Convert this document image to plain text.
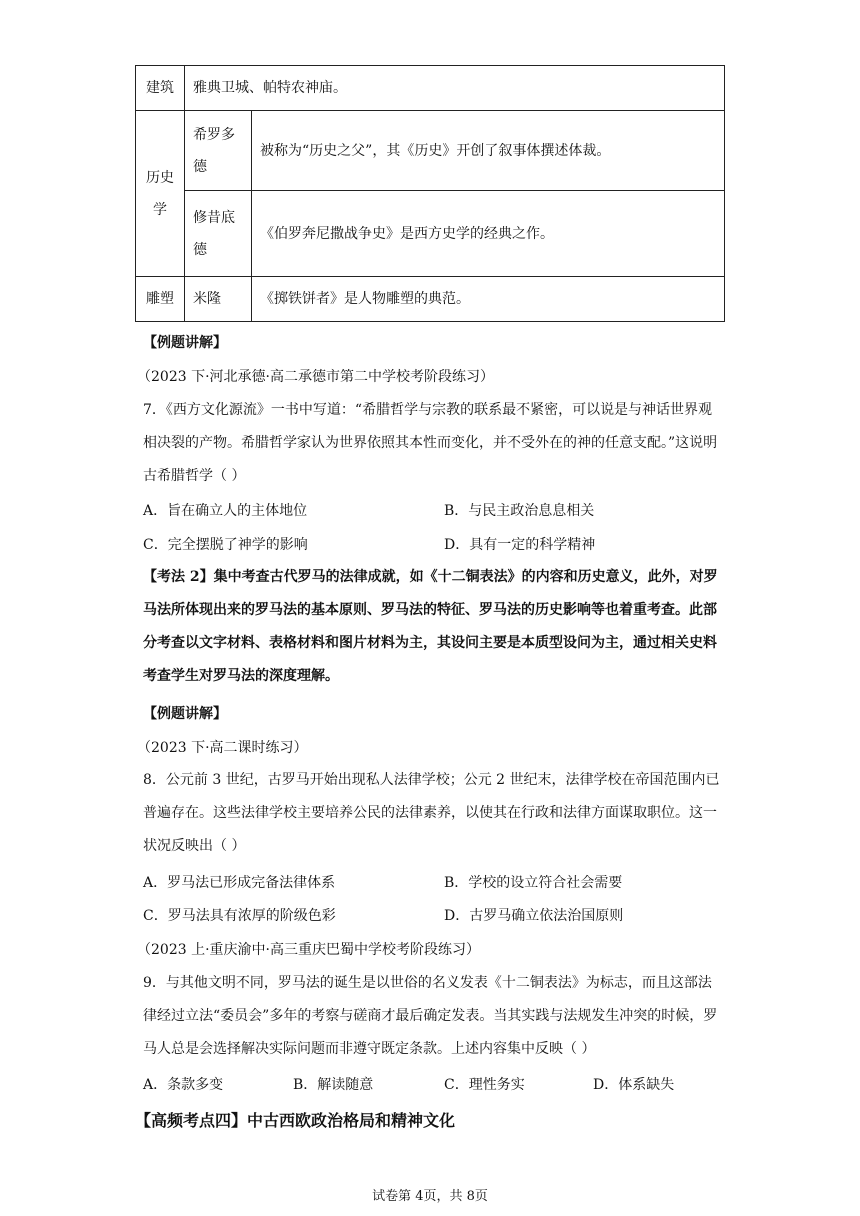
建筑	雅典卫城、帕特农神庙。	

历史学	希罗多德	被称为“历史之父”，其《历史》开创了叙事体撰述体裁。

	修昔底德	《伯罗奔尼撒战争史》是西方史学的经典之作。
雕塑	米隆	《掷铁饼者》是人物雕塑的典范。
【例题讲解】
（2023 下·河北承德·高二承德市第二中学校考阶段练习）
7．《西方文化源流》一书中写道：“希腊哲学与宗教的联系最不紧密，可以说是与神话世界观相决裂的产物。希腊哲学家认为世界依照其本性而变化，并不受外在的神的任意支配。”这说明古希腊哲学（ ）
A．旨在确立人的主体地位	B．与民主政治息息相关
C．完全摆脱了神学的影响	D．具有一定的科学精神
【考法 2】集中考查古代罗马的法律成就，如《十二铜表法》的内容和历史意义，此外，对罗马法所体现出来的罗马法的基本原则、罗马法的特征、罗马法的历史影响等也着重考查。此部分考查以文字材料、表格材料和图片材料为主，其设问主要是本质型设问为主，通过相关史料考查学生对罗马法的深度理解。
【例题讲解】
（2023 下·高二课时练习）
8．公元前 3 世纪，古罗马开始出现私人法律学校；公元 2 世纪末，法律学校在帝国范围内已普遍存在。这些法律学校主要培养公民的法律素养，以使其在行政和法律方面谋取职位。这一状况反映出（ ）
A．罗马法已形成完备法律体系	B．学校的设立符合社会需要
C．罗马法具有浓厚的阶级色彩	D．古罗马确立依法治国原则
（2023 上·重庆渝中·高三重庆巴蜀中学校考阶段练习）
9．与其他文明不同，罗马法的诞生是以世俗的名义发表《十二铜表法》为标志，而且这部法律经过立法“委员会”多年的考察与磋商才最后确定发表。当其实践与法规发生冲突的时候，罗马人总是会选择解决实际问题而非遵守既定条款。上述内容集中反映（ ）
A．条款多变	B．解读随意	C．理性务实	D．体系缺失
【高频考点四】中古西欧政治格局和精神文化
试卷第 4页，共 8页
